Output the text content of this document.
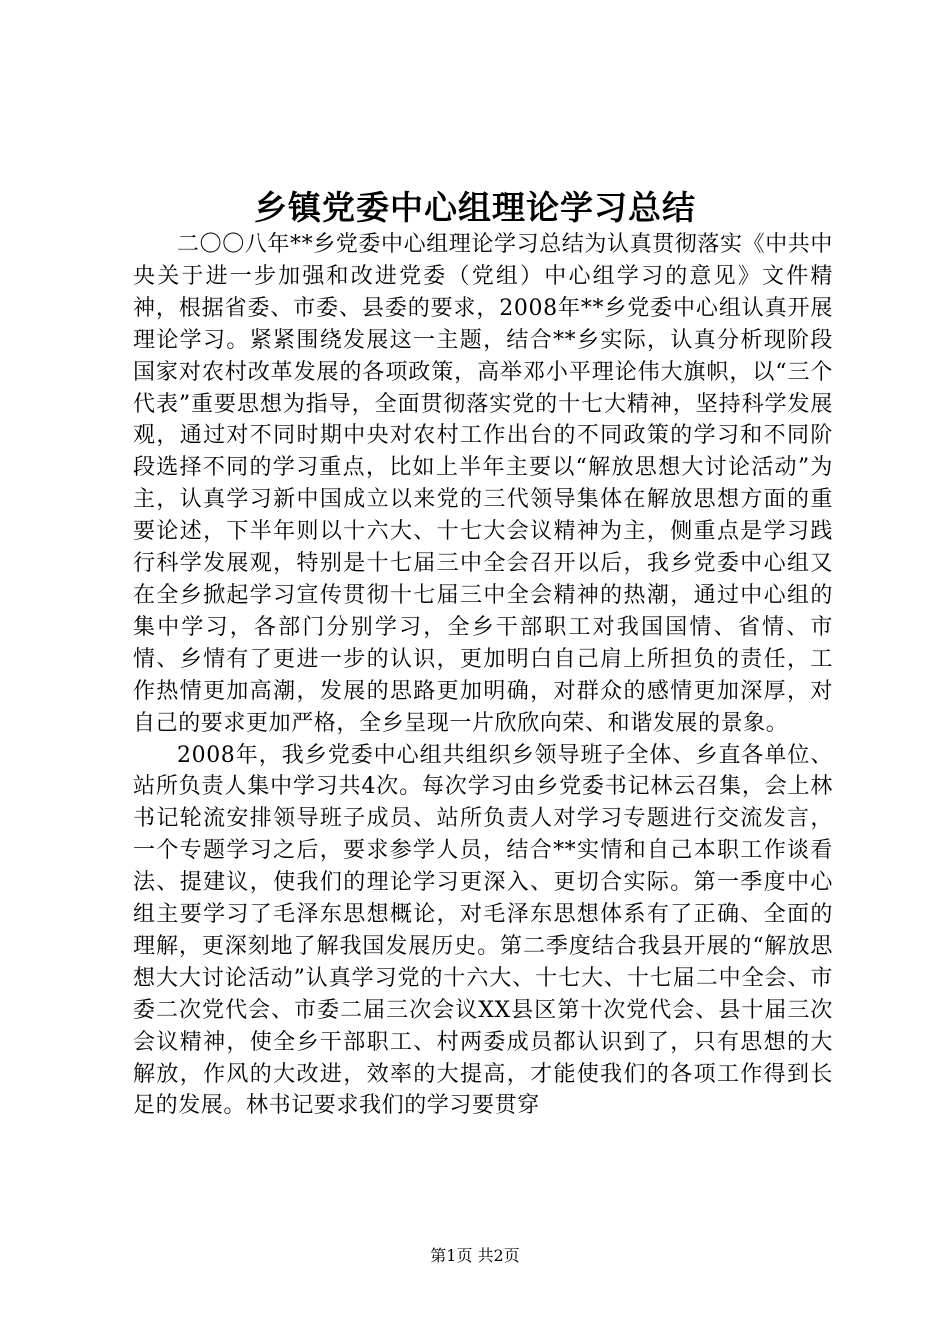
乡镇党委中心组理论学习总结

二〇〇八年**乡党委中心组理论学习总结为认真贯彻落实《中共中央关于进一步加强和改进党委（党组）中心组学习的意见》文件精神，根据省委、市委、县委的要求，2008年**乡党委中心组认真开展理论学习。紧紧围绕发展这一主题，结合**乡实际，认真分析现阶段国家对农村改革发展的各项政策，高举邓小平理论伟大旗帜，以“三个代表”重要思想为指导，全面贯彻落实党的十七大精神，坚持科学发展观，通过对不同时期中央对农村工作出台的不同政策的学习和不同阶段选择不同的学习重点，比如上半年主要以“解放思想大讨论活动”为主，认真学习新中国成立以来党的三代领导集体在解放思想方面的重要论述，下半年则以十六大、十七大会议精神为主，侧重点是学习践行科学发展观，特别是十七届三中全会召开以后，我乡党委中心组又在全乡掀起学习宣传贯彻十七届三中全会精神的热潮，通过中心组的集中学习，各部门分别学习，全乡干部职工对我国国情、省情、市情、乡情有了更进一步的认识，更加明白自己肩上所担负的责任，工作热情更加高潮，发展的思路更加明确，对群众的感情更加深厚，对自己的要求更加严格，全乡呈现一片欣欣向荣、和谐发展的景象。

2008年，我乡党委中心组共组织乡领导班子全体、乡直各单位、站所负责人集中学习共4次。每次学习由乡党委书记林云召集，会上林书记轮流安排领导班子成员、站所负责人对学习专题进行交流发言，一个专题学习之后，要求参学人员，结合**实情和自己本职工作谈看法、提建议，使我们的理论学习更深入、更切合实际。第一季度中心组主要学习了毛泽东思想概论，对毛泽东思想体系有了正确、全面的理解，更深刻地了解我国发展历史。第二季度结合我县开展的“解放思想大大讨论活动”认真学习党的十六大、十七大、十七届二中全会、市委二次党代会、市委二届三次会议XX县区第十次党代会、县十届三次会议精神，使全乡干部职工、村两委成员都认识到了，只有思想的大解放，作风的大改进，效率的大提高，才能使我们的各项工作得到长足的发展。林书记要求我们的学习要贯穿

第1页 共2页
